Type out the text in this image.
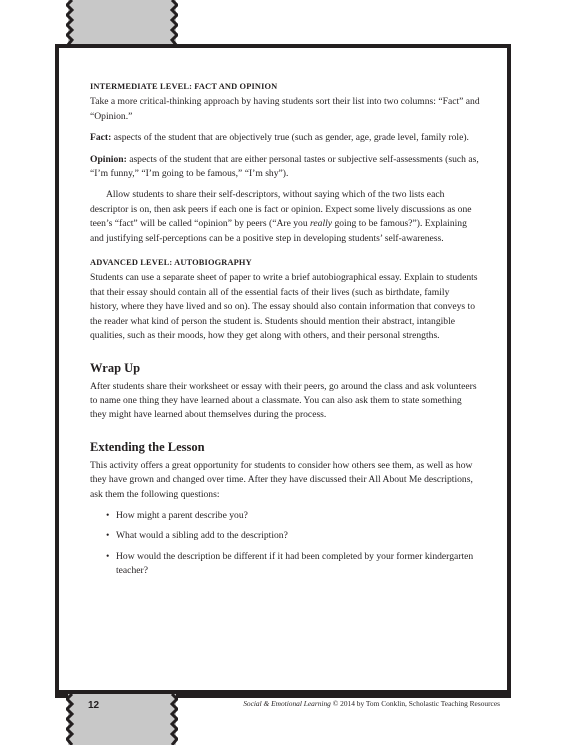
INTERMEDIATE LEVEL: FACT AND OPINION

Take a more critical-thinking approach by having students sort their list into two columns: “Fact” and “Opinion.”

Fact: aspects of the student that are objectively true (such as gender, age, grade level, family role).

Opinion: aspects of the student that are either personal tastes or subjective self-assessments (such as, “I’m funny,” “I’m going to be famous,” “I’m shy”).

Allow students to share their self-descriptors, without saying which of the two lists each descriptor is on, then ask peers if each one is fact or opinion. Expect some lively discussions as one teen’s “fact” will be called “opinion” by peers (“Are you really going to be famous?”). Explaining and justifying self-perceptions can be a positive step in developing students’ self-awareness.

ADVANCED LEVEL: AUTOBIOGRAPHY

Students can use a separate sheet of paper to write a brief autobiographical essay. Explain to students that their essay should contain all of the essential facts of their lives (such as birthdate, family history, where they have lived and so on). The essay should also contain information that conveys to the reader what kind of person the student is. Students should mention their abstract, intangible qualities, such as their moods, how they get along with others, and their personal strengths.

Wrap Up

After students share their worksheet or essay with their peers, go around the class and ask volunteers to name one thing they have learned about a classmate. You can also ask them to state something they might have learned about themselves during the process.

Extending the Lesson

This activity offers a great opportunity for students to consider how others see them, as well as how they have grown and changed over time. After they have discussed their All About Me descriptions, ask them the following questions:

• How might a parent describe you?
• What would a sibling add to the description?
• How would the description be different if it had been completed by your former kindergarten teacher?
12	Social & Emotional Learning © 2014 by Tom Conklin, Scholastic Teaching Resources
